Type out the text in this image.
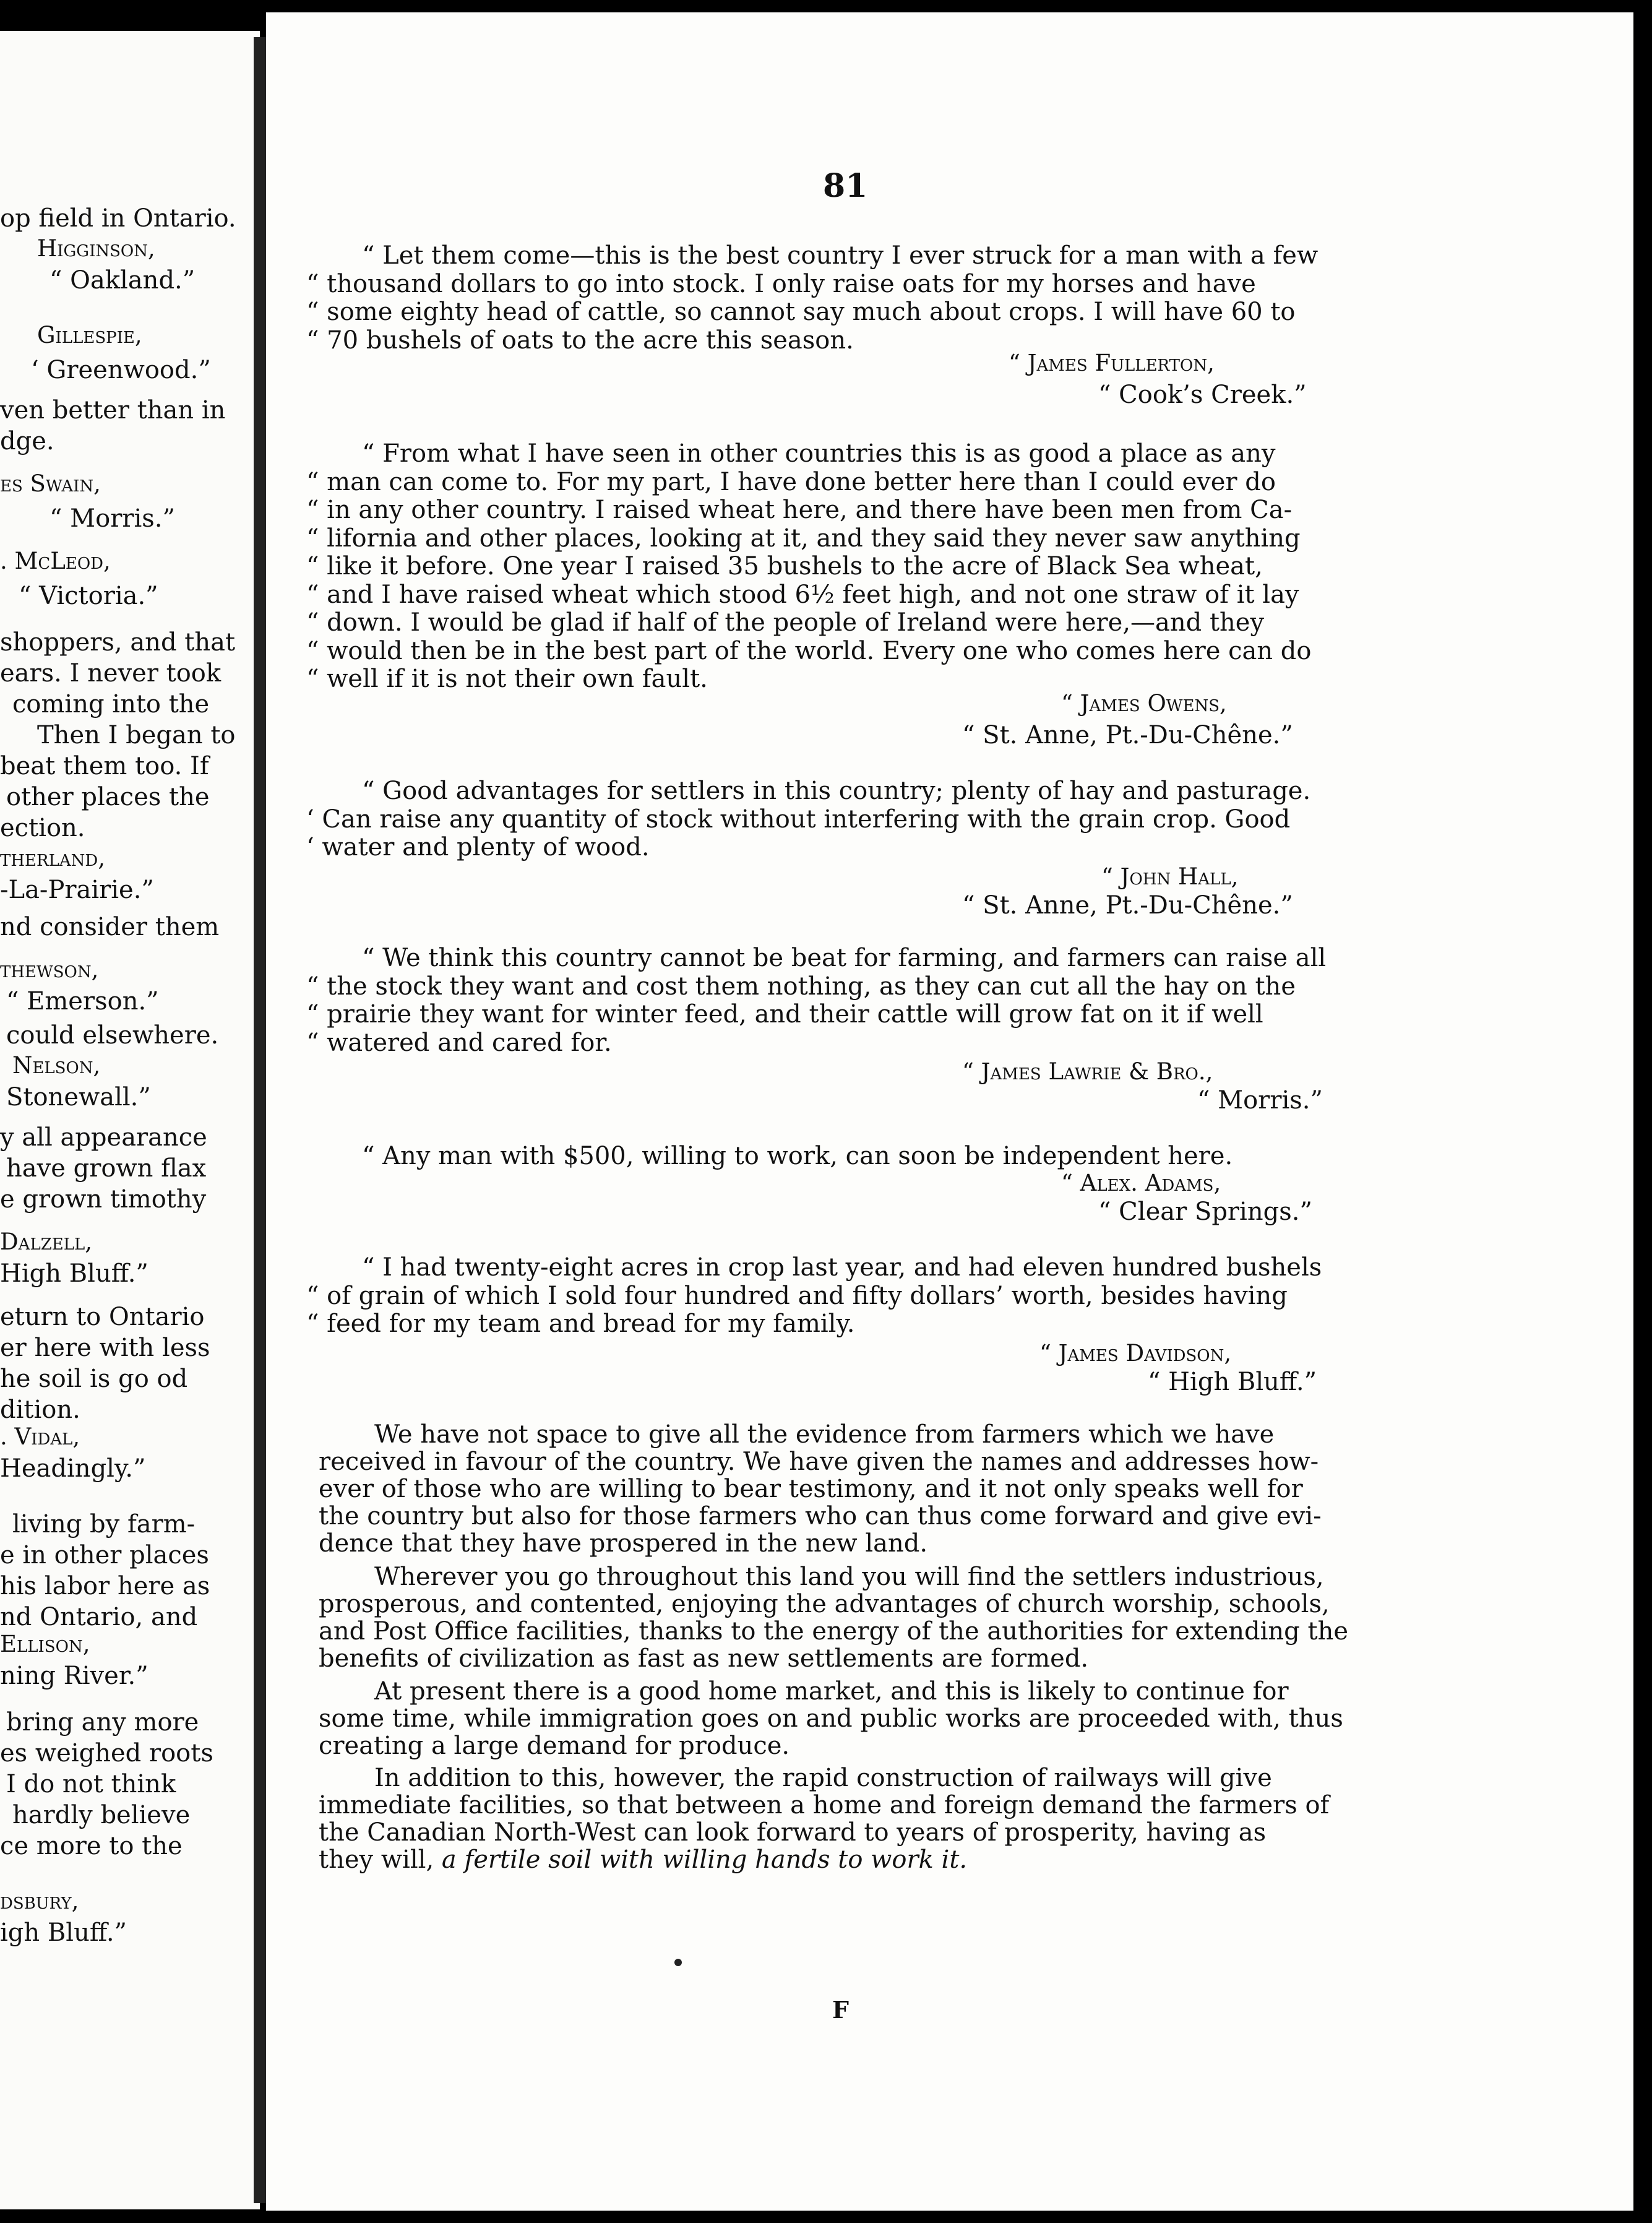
op field in Ontario.
Higginson,
“ Oakland.”
Gillespie,
‘ Greenwood.”
ven better than in
dge.
es Swain,
“ Morris.”
. McLeod,
“ Victoria.”
shoppers, and that
ears. I never took
coming into the
Then I began to
beat them too. If
other places the
ection.
therland,
-La-Prairie.”
nd consider them
thewson,
“ Emerson.”
could elsewhere.
Nelson,
Stonewall.”
y all appearance
have grown flax
e grown timothy
Dalzell,
High Bluff.”
eturn to Ontario
er here with less
he soil is go od
dition.
. Vidal,
Headingly.”
living by farm-
e in other places
his labor here as
nd Ontario, and
Ellison,
ning River.”
bring any more
es weighed roots
I do not think
hardly believe
ce more to the
dsbury,
igh Bluff.”
81
F
“ Let them come—this is the best country I ever struck for a man with a few
“ thousand dollars to go into stock. I only raise oats for my horses and have
“ some eighty head of cattle, so cannot say much about crops. I will have 60 to
“ 70 bushels of oats to the acre this season.
“ James Fullerton,
“ Cook’s Creek.”
“ From what I have seen in other countries this is as good a place as any
“ man can come to. For my part, I have done better here than I could ever do
“ in any other country. I raised wheat here, and there have been men from Ca-
“ lifornia and other places, looking at it, and they said they never saw anything
“ like it before. One year I raised 35 bushels to the acre of Black Sea wheat,
“ and I have raised wheat which stood 6½ feet high, and not one straw of it lay
“ down. I would be glad if half of the people of Ireland were here,—and they
“ would then be in the best part of the world. Every one who comes here can do
“ well if it is not their own fault.
“ James Owens,
“ St. Anne, Pt.-Du-Chêne.”
“ Good advantages for settlers in this country; plenty of hay and pasturage.
‘ Can raise any quantity of stock without interfering with the grain crop. Good
‘ water and plenty of wood.
“ John Hall,
“ St. Anne, Pt.-Du-Chêne.”
“ We think this country cannot be beat for farming, and farmers can raise all
“ the stock they want and cost them nothing, as they can cut all the hay on the
“ prairie they want for winter feed, and their cattle will grow fat on it if well
“ watered and cared for.
“ James Lawrie & Bro.,
“ Morris.”
“ Any man with $500, willing to work, can soon be independent here.
“ Alex. Adams,
“ Clear Springs.”
“ I had twenty-eight acres in crop last year, and had eleven hundred bushels
“ of grain of which I sold four hundred and fifty dollars’ worth, besides having
“ feed for my team and bread for my family.
“ James Davidson,
“ High Bluff.”
We have not space to give all the evidence from farmers which we have
received in favour of the country. We have given the names and addresses how-
ever of those who are willing to bear testimony, and it not only speaks well for
the country but also for those farmers who can thus come forward and give evi-
dence that they have prospered in the new land.
Wherever you go throughout this land you will find the settlers industrious,
prosperous, and contented, enjoying the advantages of church worship, schools,
and Post Office facilities, thanks to the energy of the authorities for extending the
benefits of civilization as fast as new settlements are formed.
At present there is a good home market, and this is likely to continue for
some time, while immigration goes on and public works are proceeded with, thus
creating a large demand for produce.
In addition to this, however, the rapid construction of railways will give
immediate facilities, so that between a home and foreign demand the farmers of
the Canadian North-West can look forward to years of prosperity, having as
they will, a fertile soil with willing hands to work it.
